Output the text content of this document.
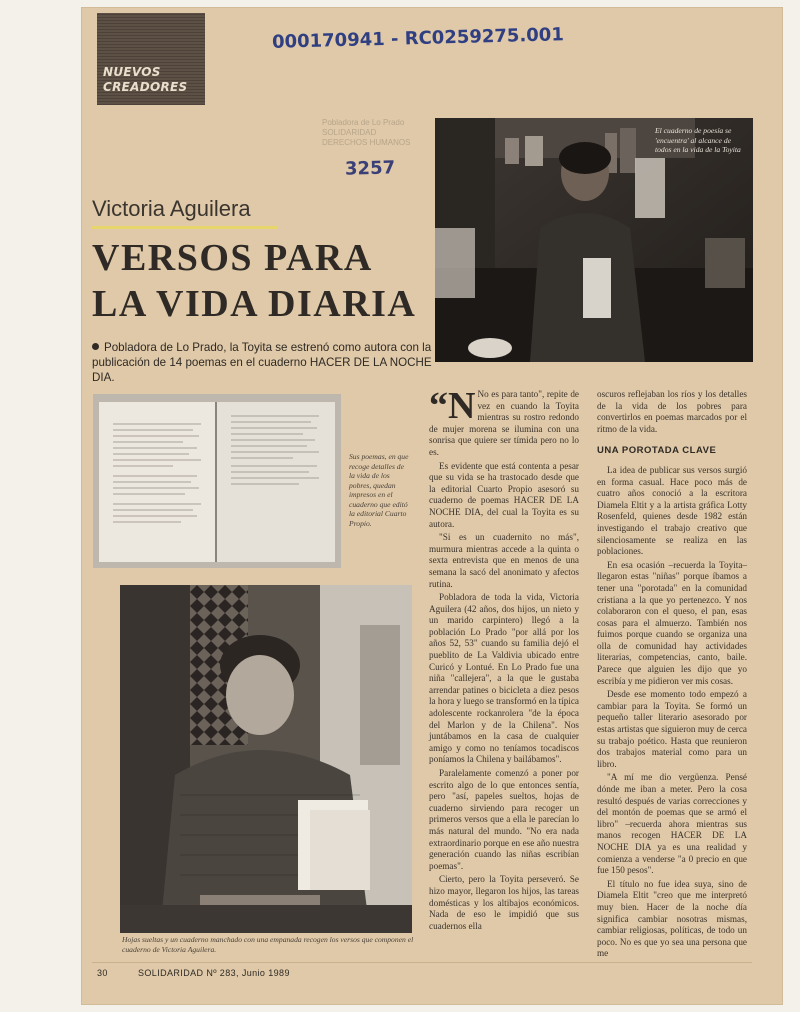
NUEVOS
CREADORES
000170941 - RC0259275.001
3257
Pobladora de Lo Prado
SOLIDARIDAD
DERECHOS HUMANOS
Victoria Aguilera
VERSOS PARA
LA VIDA DIARIA
Pobladora de Lo Prado, la Toyita se estrenó como autora con la publicación de 14 poemas en el cuaderno HACER DE LA NOCHE DIA.
El cuaderno de poesía se 'encuentra' al alcance de todos en la vida de la Toyita
Sus poemas, en que recoge detalles de la vida de los pobres, quedan impresos en el cuaderno que editó la editorial Cuarto Propio.
Hojas sueltas y un cuaderno manchado con una empanada recogen los versos que componen el cuaderno de Victoria Aguilera.

“N No es para tanto", repite de vez en cuando la Toyita mientras su rostro redondo de mujer morena se ilumina con una sonrisa que quiere ser tímida pero no lo es.

Es evidente que está contenta a pesar que su vida se ha trastocado desde que la editorial Cuarto Propio asesoró su cuaderno de poemas HACER DE LA NOCHE DIA, del cual la Toyita es su autora.

"Si es un cuadernito no más", murmura mientras accede a la quinta o sexta entrevista que en menos de una semana la sacó del anonimato y afectos rutina.

Pobladora de toda la vida, Victoria Aguilera (42 años, dos hijos, un nieto y un marido carpintero) llegó a la población Lo Prado "por allá por los años 52, 53" cuando su familia dejó el pueblito de La Valdivia ubicado entre Curicó y Lontué. En Lo Prado fue una niña "callejera", a la que le gustaba arrendar patines o bicicleta a diez pesos la hora y luego se transformó en la típica adolescente rockanrolera "de la época del Marlon y de la Chilena". Nos juntábamos en la casa de cualquier amigo y como no teníamos tocadiscos poníamos la Chilena y bailábamos".

Paralelamente comenzó a poner por escrito algo de lo que entonces sentía, pero "así, papeles sueltos, hojas de cuaderno sirviendo para recoger un primeros versos que a ella le parecían lo más natural del mundo. "No era nada extraordinario porque en ese año nuestra generación cuando las niñas escribían poemas".

Cierto, pero la Toyita perseveró. Se hizo mayor, llegaron los hijos, las tareas domésticas y los altibajos económicos. Nada de eso le impidió que sus cuadernos ella

oscuros reflejaban los ríos y los detalles de la vida de los pobres para convertirlos en poemas marcados por el ritmo de la vida.

UNA POROTADA CLAVE

La idea de publicar sus versos surgió en forma casual. Hace poco más de cuatro años conoció a la escritora Diamela Eltit y a la artista gráfica Lotty Rosenfeld, quienes desde 1982 están investigando el trabajo creativo que silenciosamente se realiza en las poblaciones.

En esa ocasión –recuerda la Toyita– llegaron estas "niñas" porque íbamos a tener una "porotada" en la comunidad cristiana a la que yo pertenezco. Y nos colaboraron con el queso, el pan, esas cosas para el almuerzo. También nos fuimos porque cuando se organiza una olla de comunidad hay actividades literarias, competencias, canto, baile. Parece que alguien les dijo que yo escribía y me pidieron ver mis cosas.

Desde ese momento todo empezó a cambiar para la Toyita. Se formó un pequeño taller literario asesorado por estas artistas que siguieron muy de cerca su trabajo poético. Hasta que reunieron dos trabajos material como para un libro.

"A mí me dio vergüenza. Pensé dónde me iban a meter. Pero la cosa resultó después de varias correcciones y del montón de poemas que se armó el libro" –recuerda ahora mientras sus manos recogen HACER DE LA NOCHE DIA ya es una realidad y comienza a venderse "a 0 precio en que fue 150 pesos".

El título no fue idea suya, sino de Diamela Eltit "creo que me interpretó muy bien. Hacer de la noche día significa cambiar nosotras mismas, cambiar religiosas, políticas, de todo un poco. No es que yo sea una persona que me

30	SOLIDARIDAD Nº 283, Junio 1989
